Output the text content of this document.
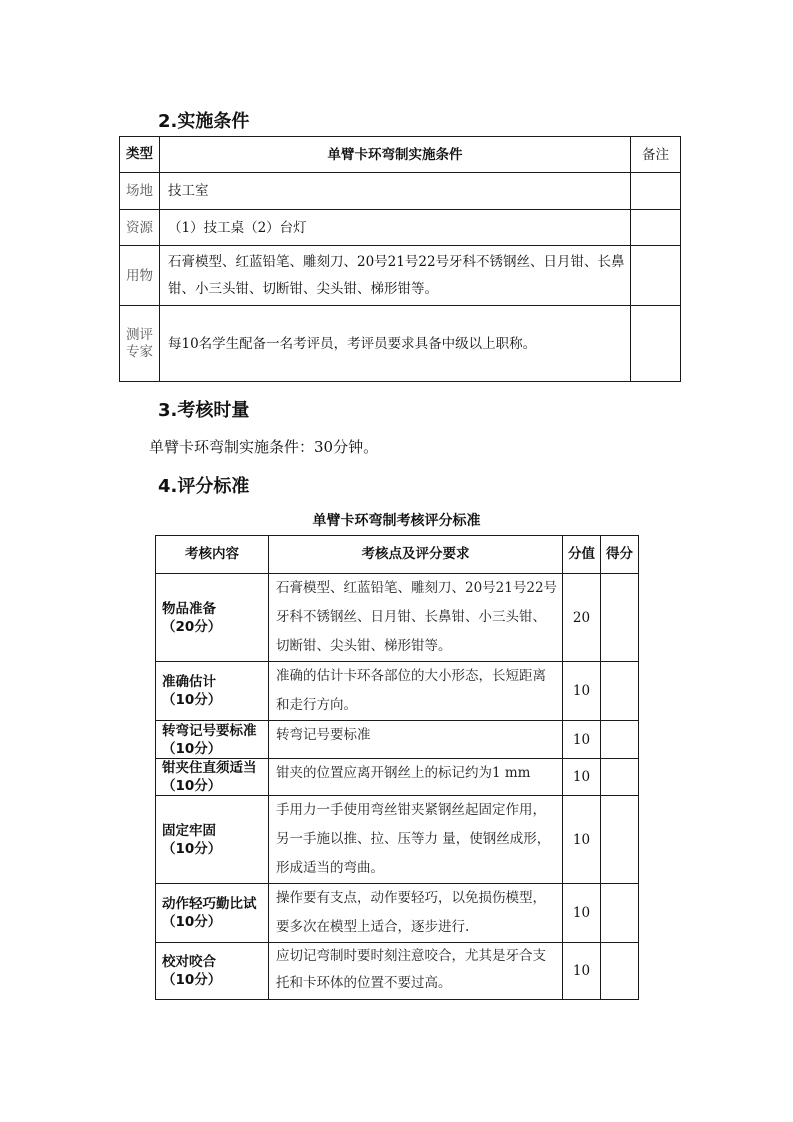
2.实施条件
类型	单臂卡环弯制实施条件	备注
场地	技工室	
资源	（1）技工桌（2）台灯	
用物	石膏模型、红蓝铅笔、雕刻刀、20号21号22号牙科不锈钢丝、日月钳、长鼻钳、小三头钳、切断钳、尖头钳、梯形钳等。	
测评专家	每10名学生配备一名考评员，考评员要求具备中级以上职称。	
3.考核时量
单臂卡环弯制实施条件：30分钟。
4.评分标准
单臂卡环弯制考核评分标准
考核内容	考核点及评分要求	分值	得分

物品准备
（20分）	石膏模型、红蓝铅笔、雕刻刀、20号21号22号牙科不锈钢丝、日月钳、长鼻钳、小三头钳、切断钳、尖头钳、梯形钳等。	20	

准确估计
（10分）	准确的估计卡环各部位的大小形态，长短距离和走行方向。	10	

转弯记号要标准
（10分）	转弯记号要标准	10	

钳夹住直须适当
（10分）	钳夹的位置应离开钢丝上的标记约为1 mm	10	

固定牢固
（10分）	手用力一手使用弯丝钳夹紧钢丝起固定作用，另一手施以推、拉、压等力 量，使钢丝成形，形成适当的弯曲。	10	

动作轻巧勤比试
（10分）	操作要有支点，动作要轻巧，以免损伤模型，要多次在模型上适合，逐步进行.	10	

校对咬合
（10分）	应切记弯制时要时刻注意咬合，尤其是牙合支托和卡环体的位置不要过高。	10	
